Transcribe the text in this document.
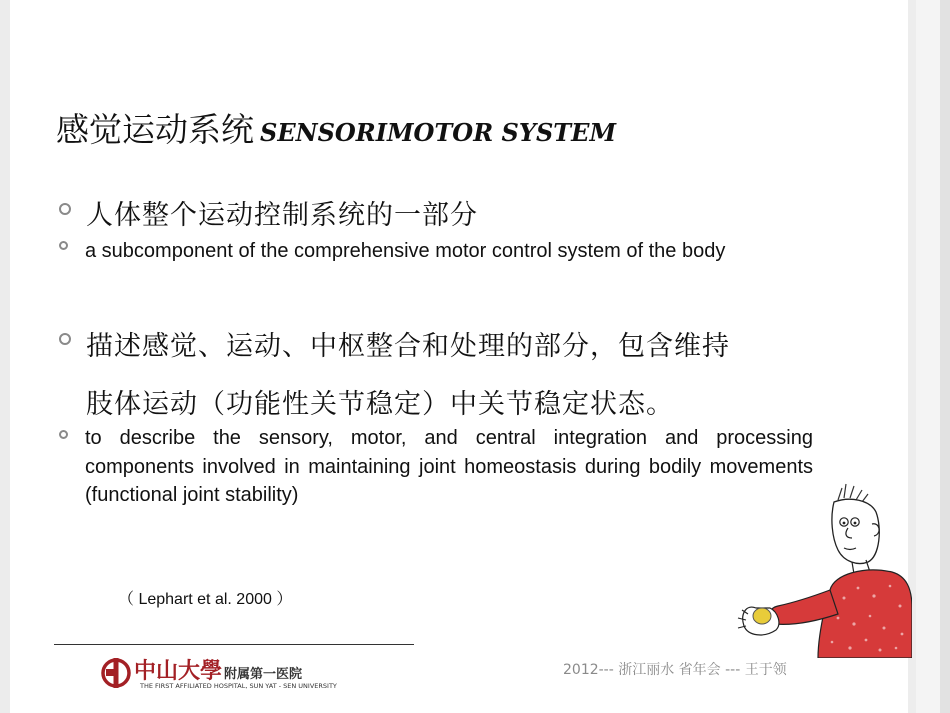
感觉运动系统 SENSORIMOTOR SYSTEM
人体整个运动控制系统的一部分
a subcomponent of the comprehensive motor control system of the body
描述感觉、运动、中枢整合和处理的部分，包含维持
肢体运动（功能性关节稳定）中关节稳定状态。
to describe the sensory, motor, and central integration and processing components involved in maintaining joint homeostasis during bodily movements (functional joint stability)
（ Lephart et al. 2000 ）
中山大學 附属第一医院
THE FIRST AFFILIATED HOSPITAL, SUN YAT - SEN UNIVERSITY
2012--- 浙江丽水 省年会 --- 王于领
